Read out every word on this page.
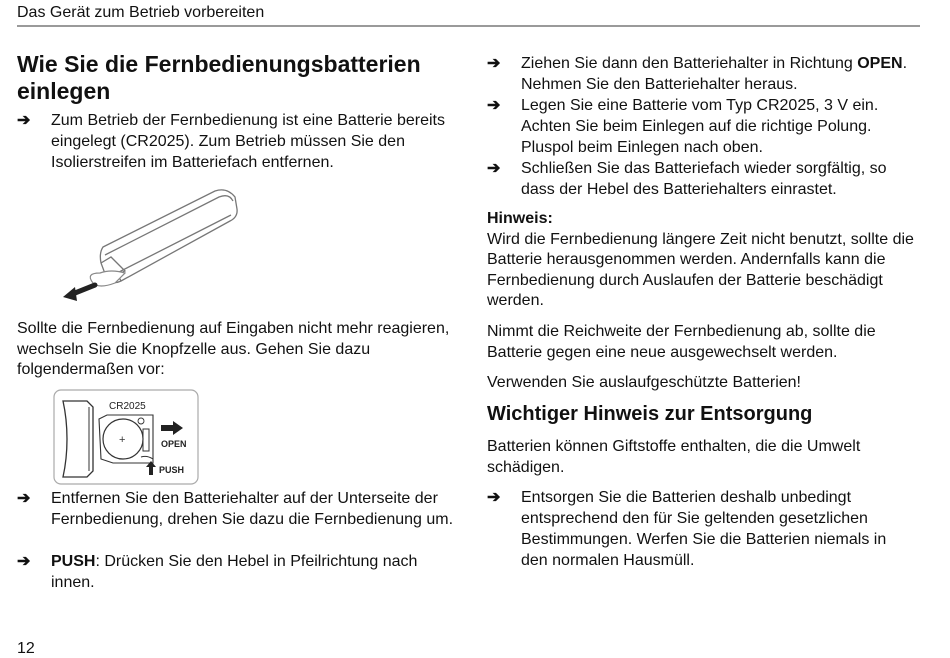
Das Gerät zum Betrieb vorbereiten
Wie Sie die Fernbedienungsbatterien einlegen
➔	Zum Betrieb der Fernbedienung ist eine Batterie bereits eingelegt (CR2025). Zum Betrieb müssen Sie den Isolierstreifen im Batteriefach entfernen.
Sollte die Fernbedienung auf Eingaben nicht mehr reagieren, wechseln Sie die Knopfzelle aus. Gehen Sie dazu folgendermaßen vor:
CR2025
+	OPEN
PUSH
➔	Entfernen Sie den Batteriehalter auf der Unterseite der Fernbedienung, drehen Sie dazu die Fernbedienung um.
➔	PUSH: Drücken Sie den Hebel in Pfeilrichtung nach innen.
➔	Ziehen Sie dann den Batteriehalter in Richtung OPEN. Nehmen Sie den Batteriehalter heraus.
➔	Legen Sie eine Batterie vom Typ CR2025, 3 V ein. Achten Sie beim Einlegen auf die richtige Polung. Pluspol beim Einlegen nach oben.
➔	Schließen Sie das Batteriefach wieder sorgfältig, so dass der Hebel des Batteriehalters einrastet.
Hinweis:
Wird die Fernbedienung längere Zeit nicht benutzt, sollte die Batterie herausgenommen werden. Andernfalls kann die Fernbedienung durch Auslaufen der Batterie beschädigt werden.
Nimmt die Reichweite der Fernbedienung ab, sollte die Batterie gegen eine neue ausgewechselt werden.
Verwenden Sie auslaufgeschützte Batterien!
Wichtiger Hinweis zur Entsorgung
Batterien können Giftstoffe enthalten, die die Umwelt schädigen.
➔	Entsorgen Sie die Batterien deshalb unbedingt entsprechend den für Sie geltenden gesetzlichen Bestimmungen. Werfen Sie die Batterien niemals in den normalen Hausmüll.
12
